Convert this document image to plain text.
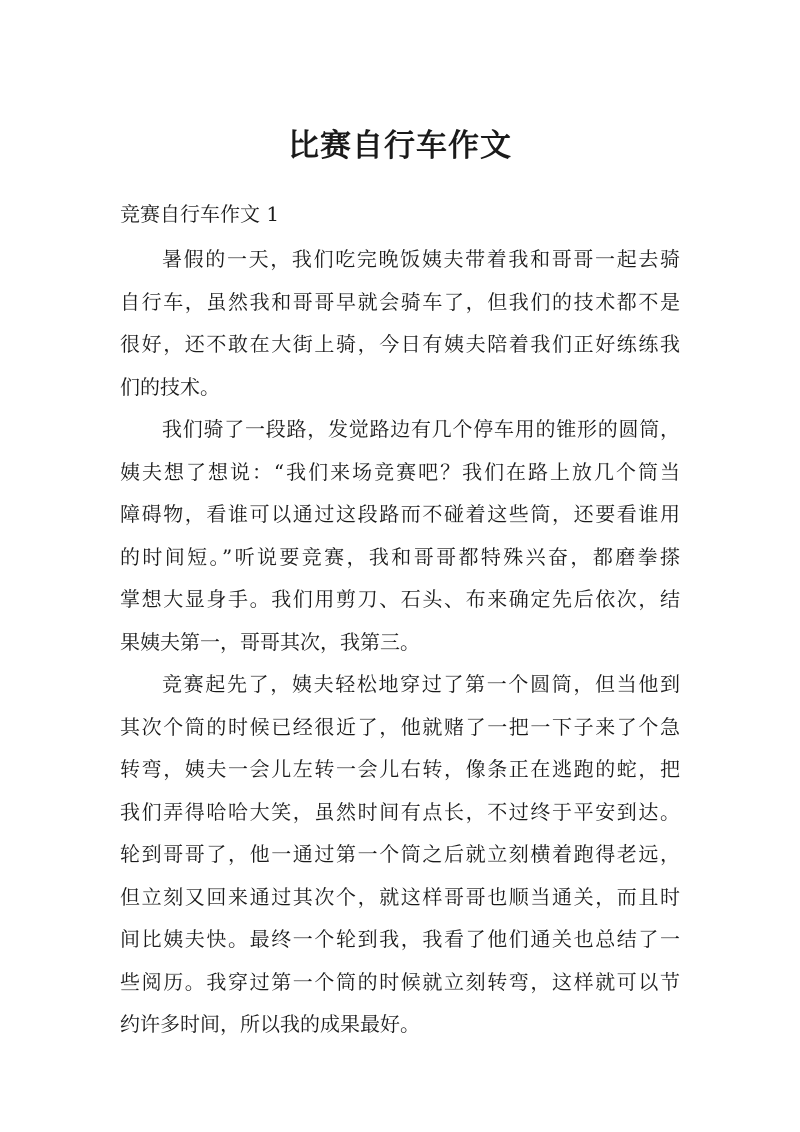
比赛自行车作文
竞赛自行车作文 1
暑假的一天，我们吃完晚饭姨夫带着我和哥哥一起去骑
自行车，虽然我和哥哥早就会骑车了，但我们的技术都不是
很好，还不敢在大街上骑，今日有姨夫陪着我们正好练练我
们的技术。
我们骑了一段路，发觉路边有几个停车用的锥形的圆筒，
姨夫想了想说：“我们来场竞赛吧？我们在路上放几个筒当
障碍物，看谁可以通过这段路而不碰着这些筒，还要看谁用
的时间短。”听说要竞赛，我和哥哥都特殊兴奋，都磨拳搽
掌想大显身手。我们用剪刀、石头、布来确定先后依次，结
果姨夫第一，哥哥其次，我第三。
竞赛起先了，姨夫轻松地穿过了第一个圆筒，但当他到
其次个筒的时候已经很近了，他就赌了一把一下子来了个急
转弯，姨夫一会儿左转一会儿右转，像条正在逃跑的蛇，把
我们弄得哈哈大笑，虽然时间有点长，不过终于平安到达。
轮到哥哥了，他一通过第一个筒之后就立刻横着跑得老远，
但立刻又回来通过其次个，就这样哥哥也顺当通关，而且时
间比姨夫快。最终一个轮到我，我看了他们通关也总结了一
些阅历。我穿过第一个筒的时候就立刻转弯，这样就可以节
约许多时间，所以我的成果最好。
